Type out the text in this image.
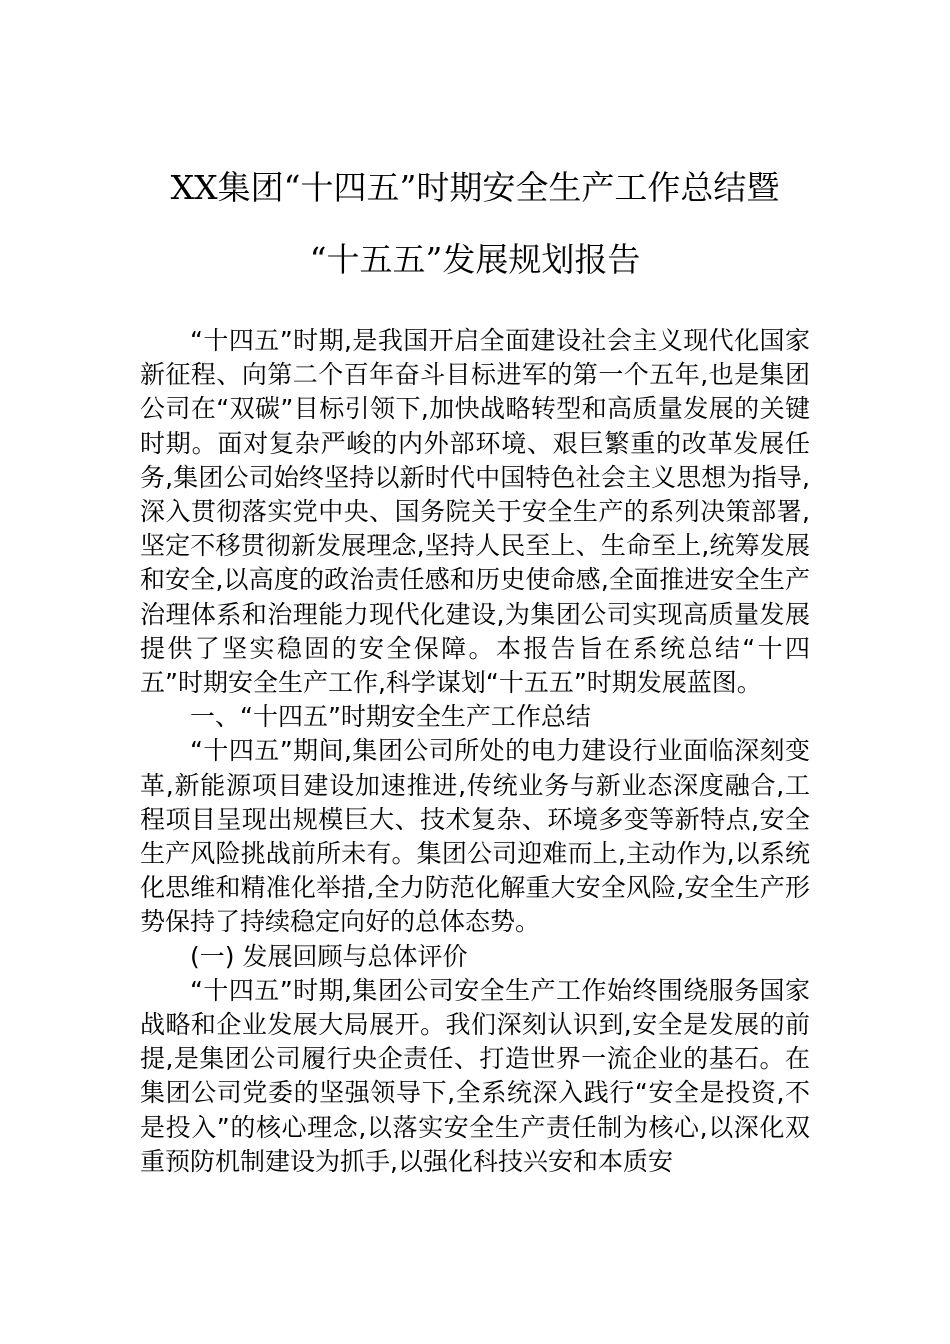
XX集团“十四五”时期安全生产工作总结暨
“十五五”发展规划报告

“十四五”时期,是我国开启全面建设社会主义现代化国家新征程、向第二个百年奋斗目标进军的第一个五年,也是集团公司在“双碳”目标引领下,加快战略转型和高质量发展的关键时期。面对复杂严峻的内外部环境、艰巨繁重的改革发展任务,集团公司始终坚持以新时代中国特色社会主义思想为指导,深入贯彻落实党中央、国务院关于安全生产的系列决策部署,坚定不移贯彻新发展理念,坚持人民至上、生命至上,统筹发展和安全,以高度的政治责任感和历史使命感,全面推进安全生产治理体系和治理能力现代化建设,为集团公司实现高质量发展提供了坚实稳固的安全保障。本报告旨在系统总结“十四五”时期安全生产工作,科学谋划“十五五”时期发展蓝图。

一、“十四五”时期安全生产工作总结

“十四五”期间,集团公司所处的电力建设行业面临深刻变革,新能源项目建设加速推进,传统业务与新业态深度融合,工程项目呈现出规模巨大、技术复杂、环境多变等新特点,安全生产风险挑战前所未有。集团公司迎难而上,主动作为,以系统化思维和精准化举措,全力防范化解重大安全风险,安全生产形势保持了持续稳定向好的总体态势。

(一) 发展回顾与总体评价

“十四五”时期,集团公司安全生产工作始终围绕服务国家战略和企业发展大局展开。我们深刻认识到,安全是发展的前提,是集团公司履行央企责任、打造世界一流企业的基石。在集团公司党委的坚强领导下,全系统深入践行“安全是投资,不是投入”的核心理念,以落实安全生产责任制为核心,以深化双重预防机制建设为抓手,以强化科技兴安和本质安
